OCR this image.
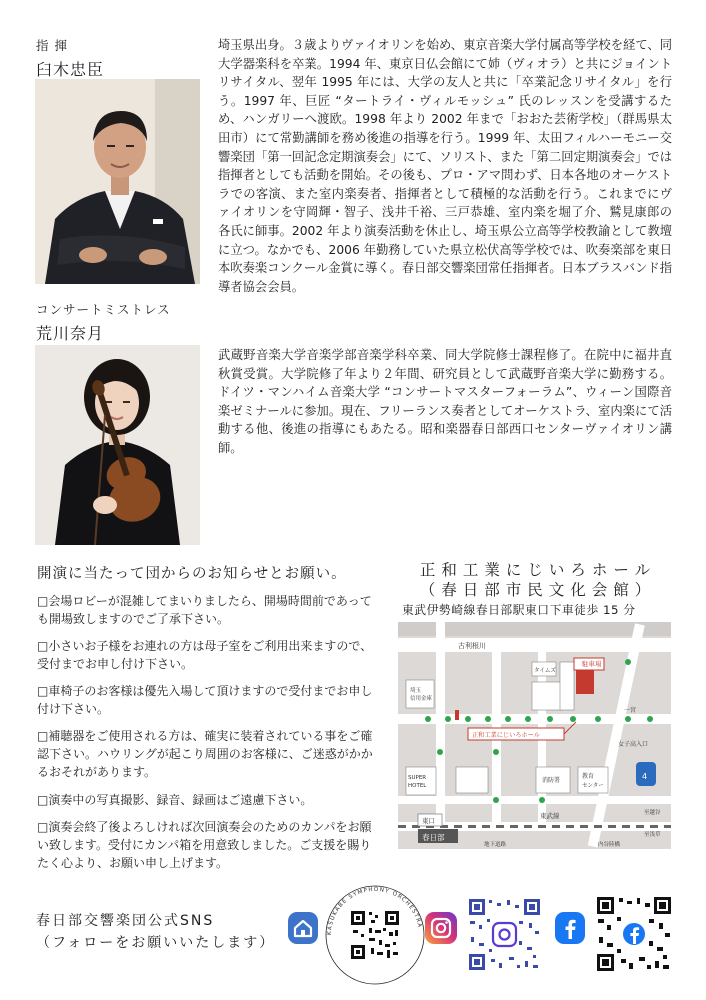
指 揮
臼木忠臣
埼玉県出身。３歳よりヴァイオリンを始め、東京音楽大学付属高等学校を経て、同大学器楽科を卒業。1994 年、東京日仏会館にて姉（ヴィオラ）と共にジョイントリサイタル、翌年 1995 年には、大学の友人と共に「卒業記念リサイタル」を行う。1997 年、巨匠 “タートライ・ヴィルモッシュ” 氏のレッスンを受講するため、ハンガリーへ渡欧。1998 年より 2002 年まで「おおた芸術学校」（群馬県太田市）にて常勤講師を務め後進の指導を行う。1999 年、太田フィルハーモニー交響楽団「第一回記念定期演奏会」にて、ソリスト、また「第二回定期演奏会」では指揮者としても活動を開始。その後も、プロ・アマ問わず、日本各地のオーケストラでの客演、また室内楽奏者、指揮者として積極的な活動を行う。これまでにヴァイオリンを守岡輝・智子、浅井千裕、三戸恭雄、室内楽を堀了介、鷲見康郎の各氏に師事。2002 年より演奏活動を休止し、埼玉県公立高等学校教諭として教壇に立つ。なかでも、2006 年勤務していた県立松伏高等学校では、吹奏楽部を東日本吹奏楽コンクール金賞に導く。春日部交響楽団常任指揮者。日本ブラスバンド指導者協会会員。
コンサートミストレス
荒川奈月
武蔵野音楽大学音楽学部音楽学科卒業、同大学院修士課程修了。在院中に福井直秋賞受賞。大学院修了年より２年間、研究員として武蔵野音楽大学に勤務する。ドイツ・マンハイム音楽大学 “コンサートマスターフォーラム”、ウィーン国際音楽ゼミナールに参加。現在、フリーランス奏者としてオーケストラ、室内楽にて活動する他、後進の指導にもあたる。昭和楽器春日部西口センターヴァイオリン講師。
開演に当たって団からのお知らせとお願い。
□会場ロビーが混雑してまいりましたら、開場時間前であっても開場致しますのでご了承下さい。
□小さいお子様をお連れの方は母子室をご利用出来ますので、受付までお申し付け下さい。
□車椅子のお客様は優先入場して頂けますので受付までお申し付け下さい。
□補聴器をご使用される方は、確実に装着されている事をご確認下さい。ハウリングが起こり周囲のお客様に、ご迷惑がかかるおそれがあります。
□演奏中の写真撮影、録音、録画はご遠慮下さい。
□演奏会終了後よろしければ次回演奏会のためのカンパをお願い致します。受付にカンパ箱を用意致しました。ご支援を賜りたく心より、お願い申し上げます。
正和工業にじいろホール
（春日部市民文化会館）
東武伊勢崎線春日部駅東口下車徒歩 15 分
古利根川
駐車場
正和工業にじいろホール
タイムズ
埼玉
信用金庫
SUPER
HOTEL
消防署
教育
センター
一宮
女子高入口
4
東口
春日部
東武線
地下道路
至越谷
至浅草
内谷陸橋
春日部交響楽団公式SNS
（フォローをお願いいたします）
KASUKABE SYMPHONY ORCHESTRA
